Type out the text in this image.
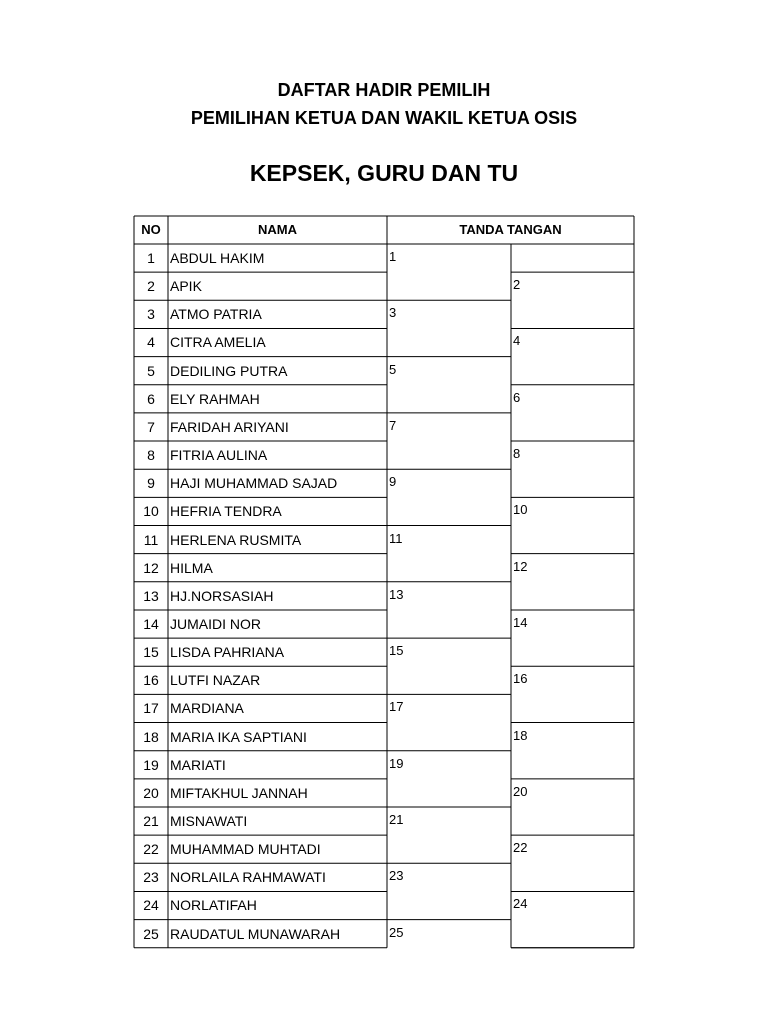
DAFTAR HADIR PEMILIH
PEMILIHAN KETUA DAN WAKIL KETUA OSIS
KEPSEK, GURU DAN TU
NO	NAMA	TANDA TANGAN
1	ABDUL HAKIM	1
2	APIK	2
3	ATMO PATRIA	3
4	CITRA AMELIA	4
5	DEDILING PUTRA	5
6	ELY RAHMAH	6
7	FARIDAH ARIYANI	7
8	FITRIA AULINA	8
9	HAJI MUHAMMAD SAJAD	9
10 HEFRIA TENDRA	10
11 HERLENA RUSMITA	11
12 HILMA	12
13 HJ.NORSASIAH	13
14 JUMAIDI NOR	14
15 LISDA PAHRIANA	15
16 LUTFI NAZAR	16
17 MARDIANA	17
18 MARIA IKA SAPTIANI	18
19 MARIATI	19
20 MIFTAKHUL JANNAH	20
21 MISNAWATI	21
22 MUHAMMAD MUHTADI	22
23 NORLAILA RAHMAWATI	23
24 NORLATIFAH	24
25 RAUDATUL MUNAWARAH	25
